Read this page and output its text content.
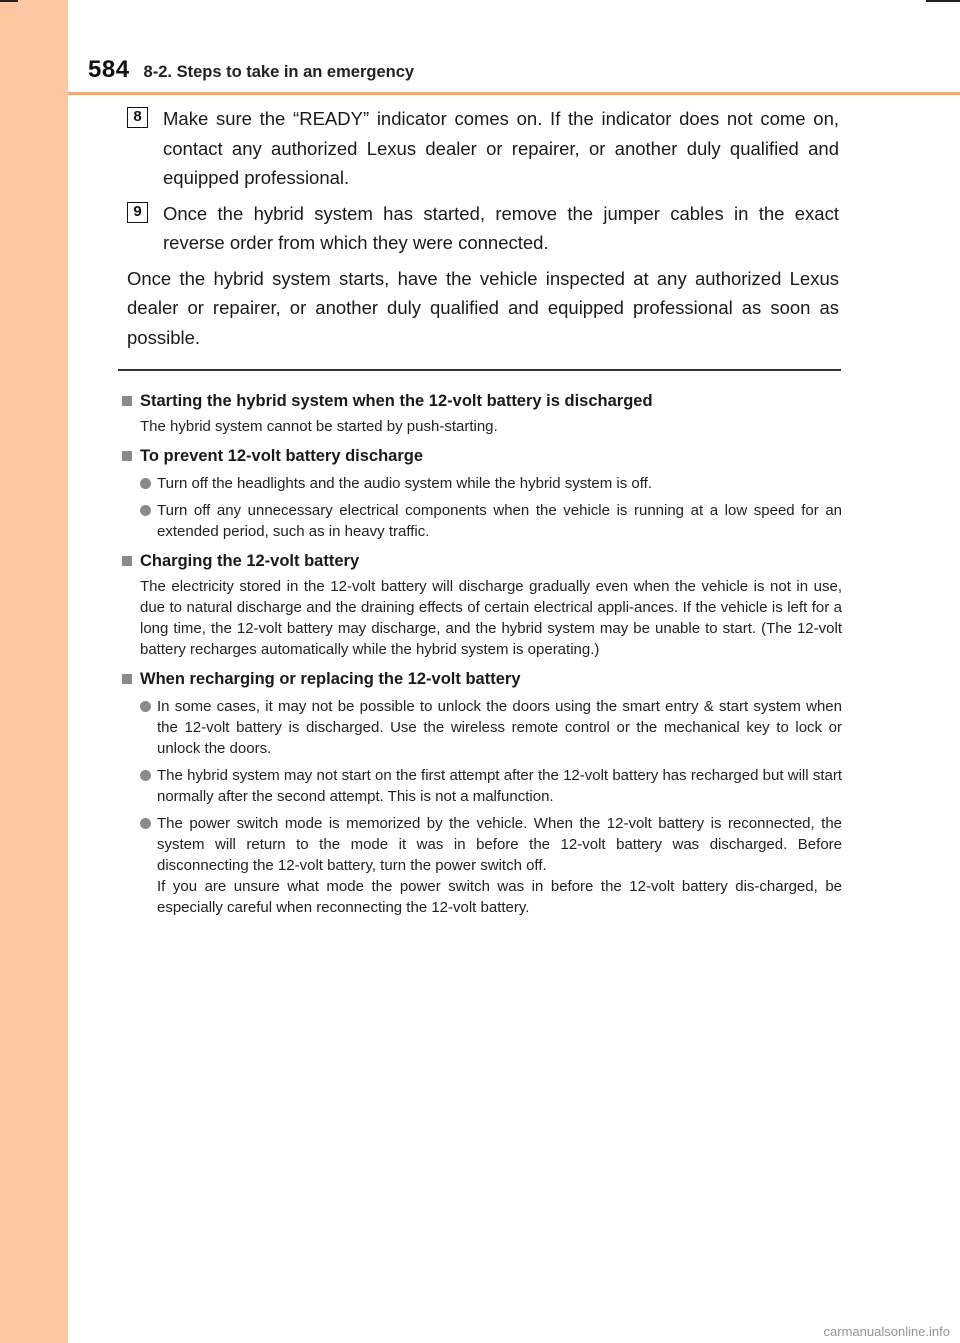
584 8-2. Steps to take in an emergency
8	Make sure the “READY” indicator comes on. If the indicator does not come on, contact any authorized Lexus dealer or repairer, or another duly qualified and equipped professional.
9	Once the hybrid system has started, remove the jumper cables in the exact reverse order from which they were connected.
Once the hybrid system starts, have the vehicle inspected at any authorized Lexus dealer or repairer, or another duly qualified and equipped professional as soon as possible.
Starting the hybrid system when the 12-volt battery is discharged
The hybrid system cannot be started by push-starting.
To prevent 12-volt battery discharge

Turn off the headlights and the audio system while the hybrid system is off.

Turn off any unnecessary electrical components when the vehicle is running at a low speed for an extended period, such as in heavy traffic.

Charging the 12-volt battery
The electricity stored in the 12-volt battery will discharge gradually even when the vehicle is not in use, due to natural discharge and the draining effects of certain electrical appli-ances. If the vehicle is left for a long time, the 12-volt battery may discharge, and the hybrid system may be unable to start. (The 12-volt battery recharges automatically while the hybrid system is operating.)
When recharging or replacing the 12-volt battery

In some cases, it may not be possible to unlock the doors using the smart entry & start system when the 12-volt battery is discharged. Use the wireless remote control or the mechanical key to lock or unlock the doors.

The hybrid system may not start on the first attempt after the 12-volt battery has recharged but will start normally after the second attempt. This is not a malfunction.

The power switch mode is memorized by the vehicle. When the 12-volt battery is reconnected, the system will return to the mode it was in before the 12-volt battery was discharged. Before disconnecting the 12-volt battery, turn the power switch off.

If you are unsure what mode the power switch was in before the 12-volt battery dis-charged, be especially careful when reconnecting the 12-volt battery.

carmanualsonline.info
